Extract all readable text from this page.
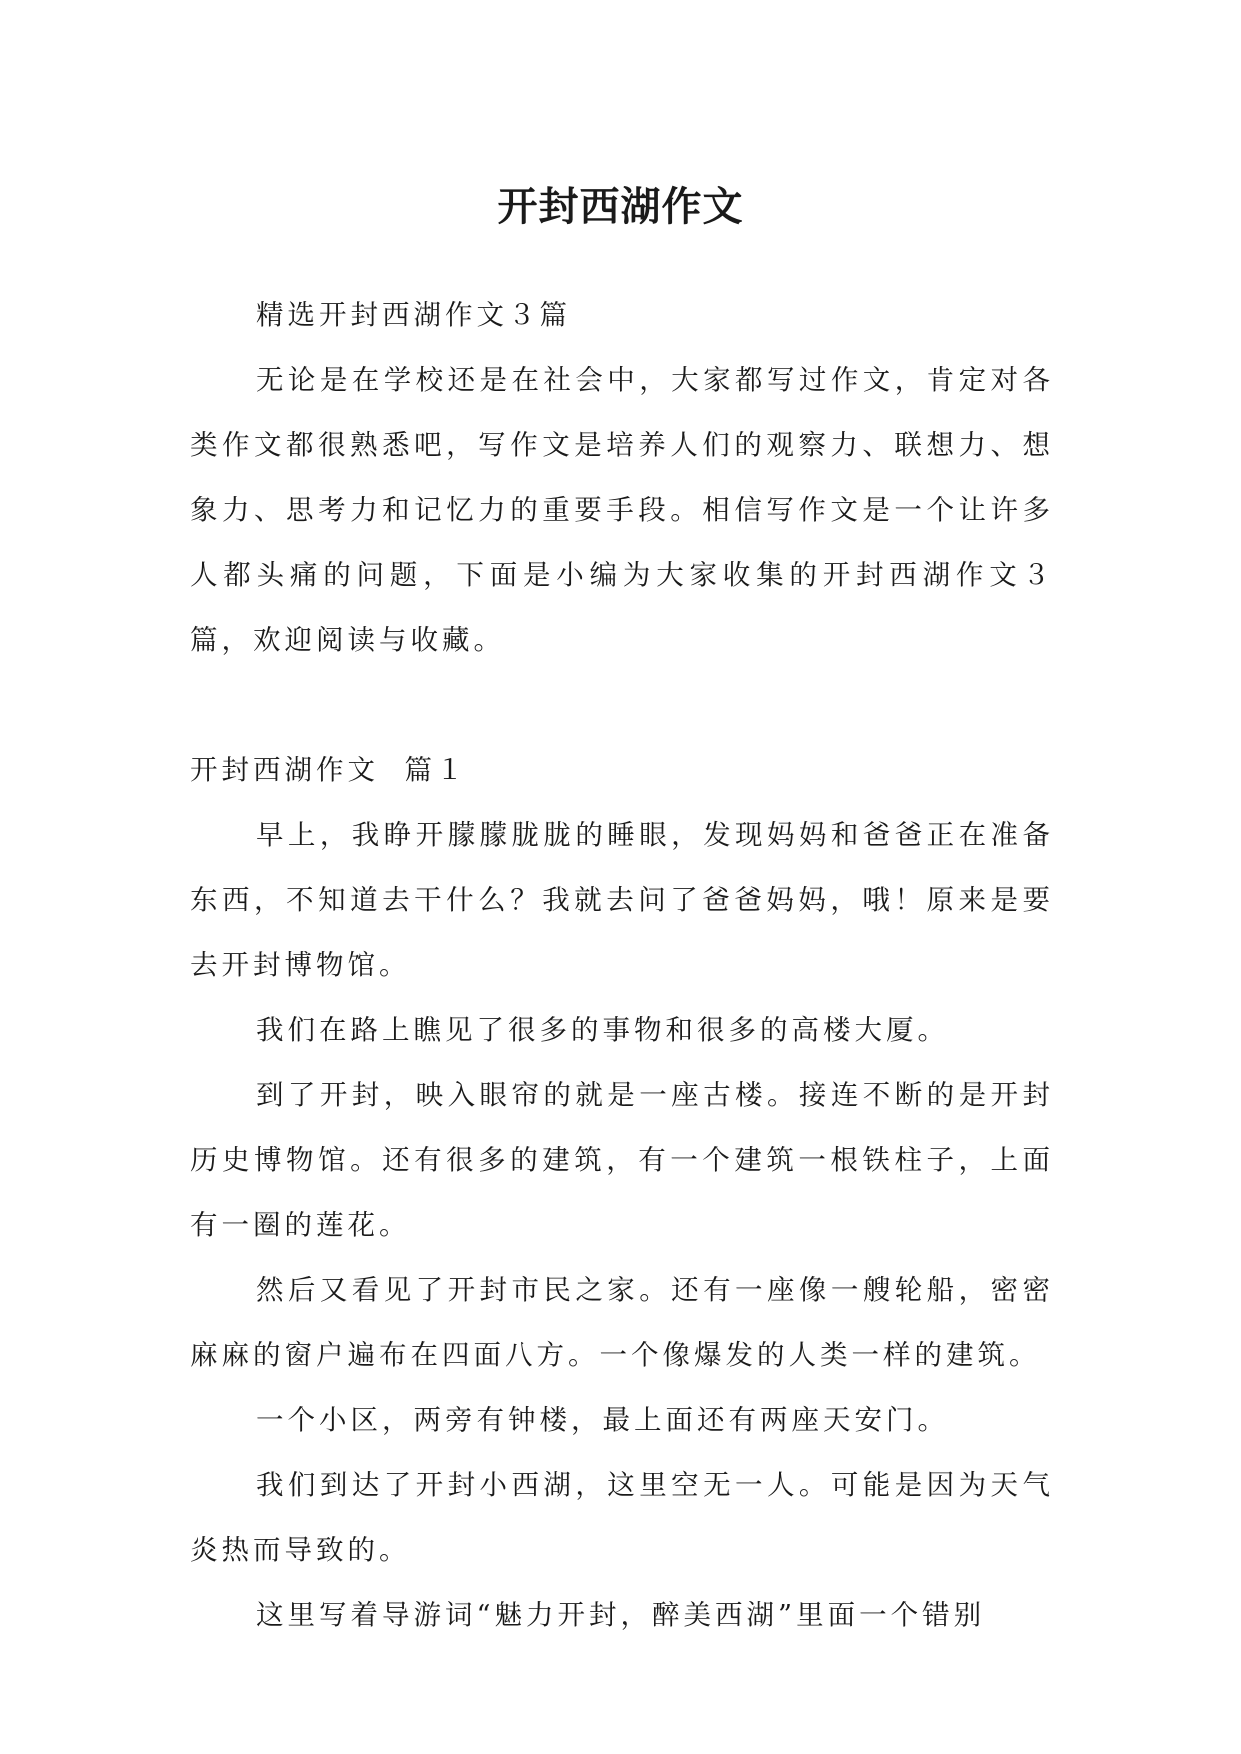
开封西湖作文

精选开封西湖作文３篇

无论是在学校还是在社会中，大家都写过作文，肯定对各类作文都很熟悉吧，写作文是培养人们的观察力、联想力、想象力、思考力和记忆力的重要手段。相信写作文是一个让许多人都头痛的问题，下面是小编为大家收集的开封西湖作文３篇，欢迎阅读与收藏。

开封西湖作文  篇１

早上，我睁开朦朦胧胧的睡眼，发现妈妈和爸爸正在准备东西，不知道去干什么？我就去问了爸爸妈妈，哦！原来是要去开封博物馆。

我们在路上瞧见了很多的事物和很多的高楼大厦。

到了开封，映入眼帘的就是一座古楼。接连不断的是开封历史博物馆。还有很多的建筑，有一个建筑一根铁柱子，上面有一圈的莲花。

然后又看见了开封市民之家。还有一座像一艘轮船，密密麻麻的窗户遍布在四面八方。一个像爆发的人类一样的建筑。

一个小区，两旁有钟楼，最上面还有两座天安门。

我们到达了开封小西湖，这里空无一人。可能是因为天气炎热而导致的。

这里写着导游词“魅力开封，醉美西湖”里面一个错别
